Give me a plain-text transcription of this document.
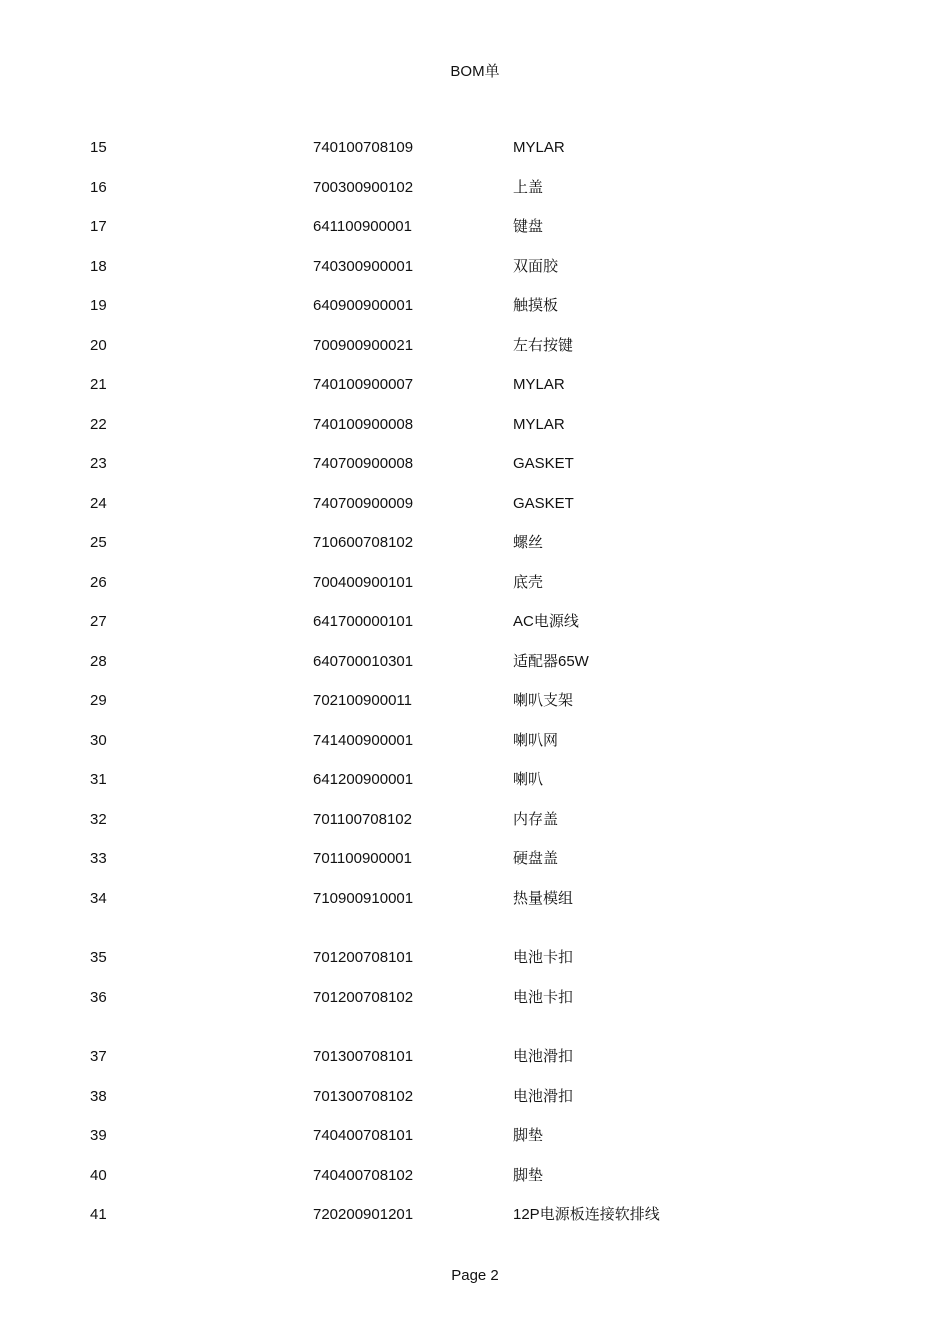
BOM单
15	740100708109	MYLAR
16	700300900102	上盖
17	641100900001	键盘
18	740300900001	双面胶
19	640900900001	触摸板
20	700900900021	左右按键
21	740100900007	MYLAR
22	740100900008	MYLAR
23	740700900008	GASKET
24	740700900009	GASKET
25	710600708102	螺丝
26	700400900101	底壳
27	641700000101	AC电源线
28	640700010301	适配器65W
29	702100900011	喇叭支架
30	741400900001	喇叭网
31	641200900001	喇叭
32	701100708102	内存盖
33	701100900001	硬盘盖
34	710900910001	热量模组
35	701200708101	电池卡扣
36	701200708102	电池卡扣
37	701300708101	电池滑扣
38	701300708102	电池滑扣
39	740400708101	脚垫
40	740400708102	脚垫
41	720200901201	12P电源板连接软排线
Page 2
